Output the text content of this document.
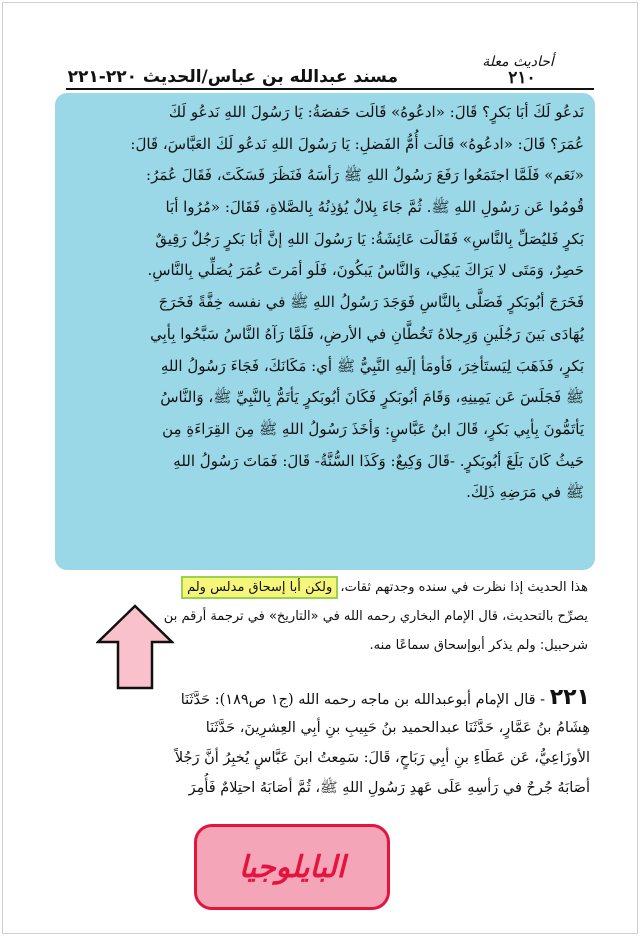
أحاديث معلة
٢١٠
مسند عبدالله بن عباس/الحديث ٢٢٠-٢٢١
نَدعُو لَكَ أبَا بَكرٍ؟ قَالَ: «ادعُوهُ» قَالَت حَفصَةُ: يَا رَسُولَ اللهِ نَدعُو لَكَ
عُمَرَ؟ قَالَ: «ادعُوهُ» قَالَت أُمُّ الفَضلِ: يَا رَسُولَ اللهِ نَدعُو لَكَ العَبَّاسَ، قَالَ:
«نَعَم» فَلَمَّا اجتَمَعُوا رَفَعَ رَسُولُ اللهِ ﷺ رَأسَهُ فَنَظَرَ فَسَكَتَ، فَقَالَ عُمَرُ:
قُومُوا عَن رَسُولِ اللهِ ﷺ. ثُمَّ جَاءَ بِلالٌ يُؤذِنُهُ بِالصَّلاةِ، فَقَالَ: «مُرُوا أبَا
بَكرٍ فَليُصَلِّ بِالنَّاسِ» فَقَالَت عَائِشَةُ: يَا رَسُولَ اللهِ إنَّ أبَا بَكرٍ رَجُلٌ رَقِيقٌ
حَصِرٌ، وَمَتَى لا يَرَاكَ يَبكِي، وَالنَّاسُ يَبكُونَ، فَلَو أمَرتَ عُمَرَ يُصَلِّي بِالنَّاسِ.
فَخَرَجَ أبُوبَكرٍ فَصَلَّى بِالنَّاسِ فَوَجَدَ رَسُولُ اللهِ ﷺ في نفسه خِفَّةً فَخَرَجَ
يُهَادَى بَينَ رَجُلَينِ وَرِجلاهُ تَخُطَّانِ في الأرضِ، فَلَمَّا رَآهُ النَّاسُ سَبَّحُوا بِأبِي
بَكرٍ، فَذَهَبَ لِيَستَأخِرَ، فَأومَأ إلَيهِ النَّبِيُّ ﷺ أي: مَكَانَكَ، فَجَاءَ رَسُولُ اللهِ
ﷺ فَجَلَسَ عَن يَمِينِهِ، وَقَامَ أبُوبَكرٍ فَكَانَ أبُوبَكرٍ يَأتَمُّ بِالنَّبِيِّ ﷺ، وَالنَّاسُ
يَأتَمُّونَ بِأبِي بَكرٍ، قَالَ ابنُ عَبَّاسٍ: وَأخَذَ رَسُولُ اللهِ ﷺ مِنَ القِرَاءَةِ مِن
حَيثُ كَانَ بَلَغَ أبُوبَكرٍ. -قَالَ وَكِيعٌ: وَكَذَا السُّنَّةُ- قَالَ: فَمَاتَ رَسُولُ اللهِ
ﷺ في مَرَضِهِ ذَلِكَ.
هذا الحديث إذا نظرت في سنده وجدتهم ثقات، ولكن أبا إسحاق مدلس ولم
يصرِّح بالتحديث، قال الإمام البخاري رحمه الله في «التاريخ» في ترجمة أرقم بن
شرحبيل: ولم يذكر أبوإسحاق سماعًا منه.
٢٢١ - قال الإمام أبوعبدالله بن ماجه رحمه الله (ج١ ص١٨٩): حَدَّثَنَا
هِشَامُ بنُ عَمَّارٍ، حَدَّثَنَا عبدالحميد بنُ حَبِيبِ بنِ أبِي العِشرِينَ، حَدَّثَنَا
الأوزَاعِيُّ، عَن عَطَاءِ بنِ أبِي رَبَاحٍ، قَالَ: سَمِعتُ ابنَ عَبَّاسٍ يُخبِرُ أنَّ رَجُلاً
أصَابَهُ جُرحٌ في رَأسِهِ عَلَى عَهدِ رَسُولِ اللهِ ﷺ، ثُمَّ أصَابَهُ احتِلامٌ فَأُمِرَ
البايلوجيا
